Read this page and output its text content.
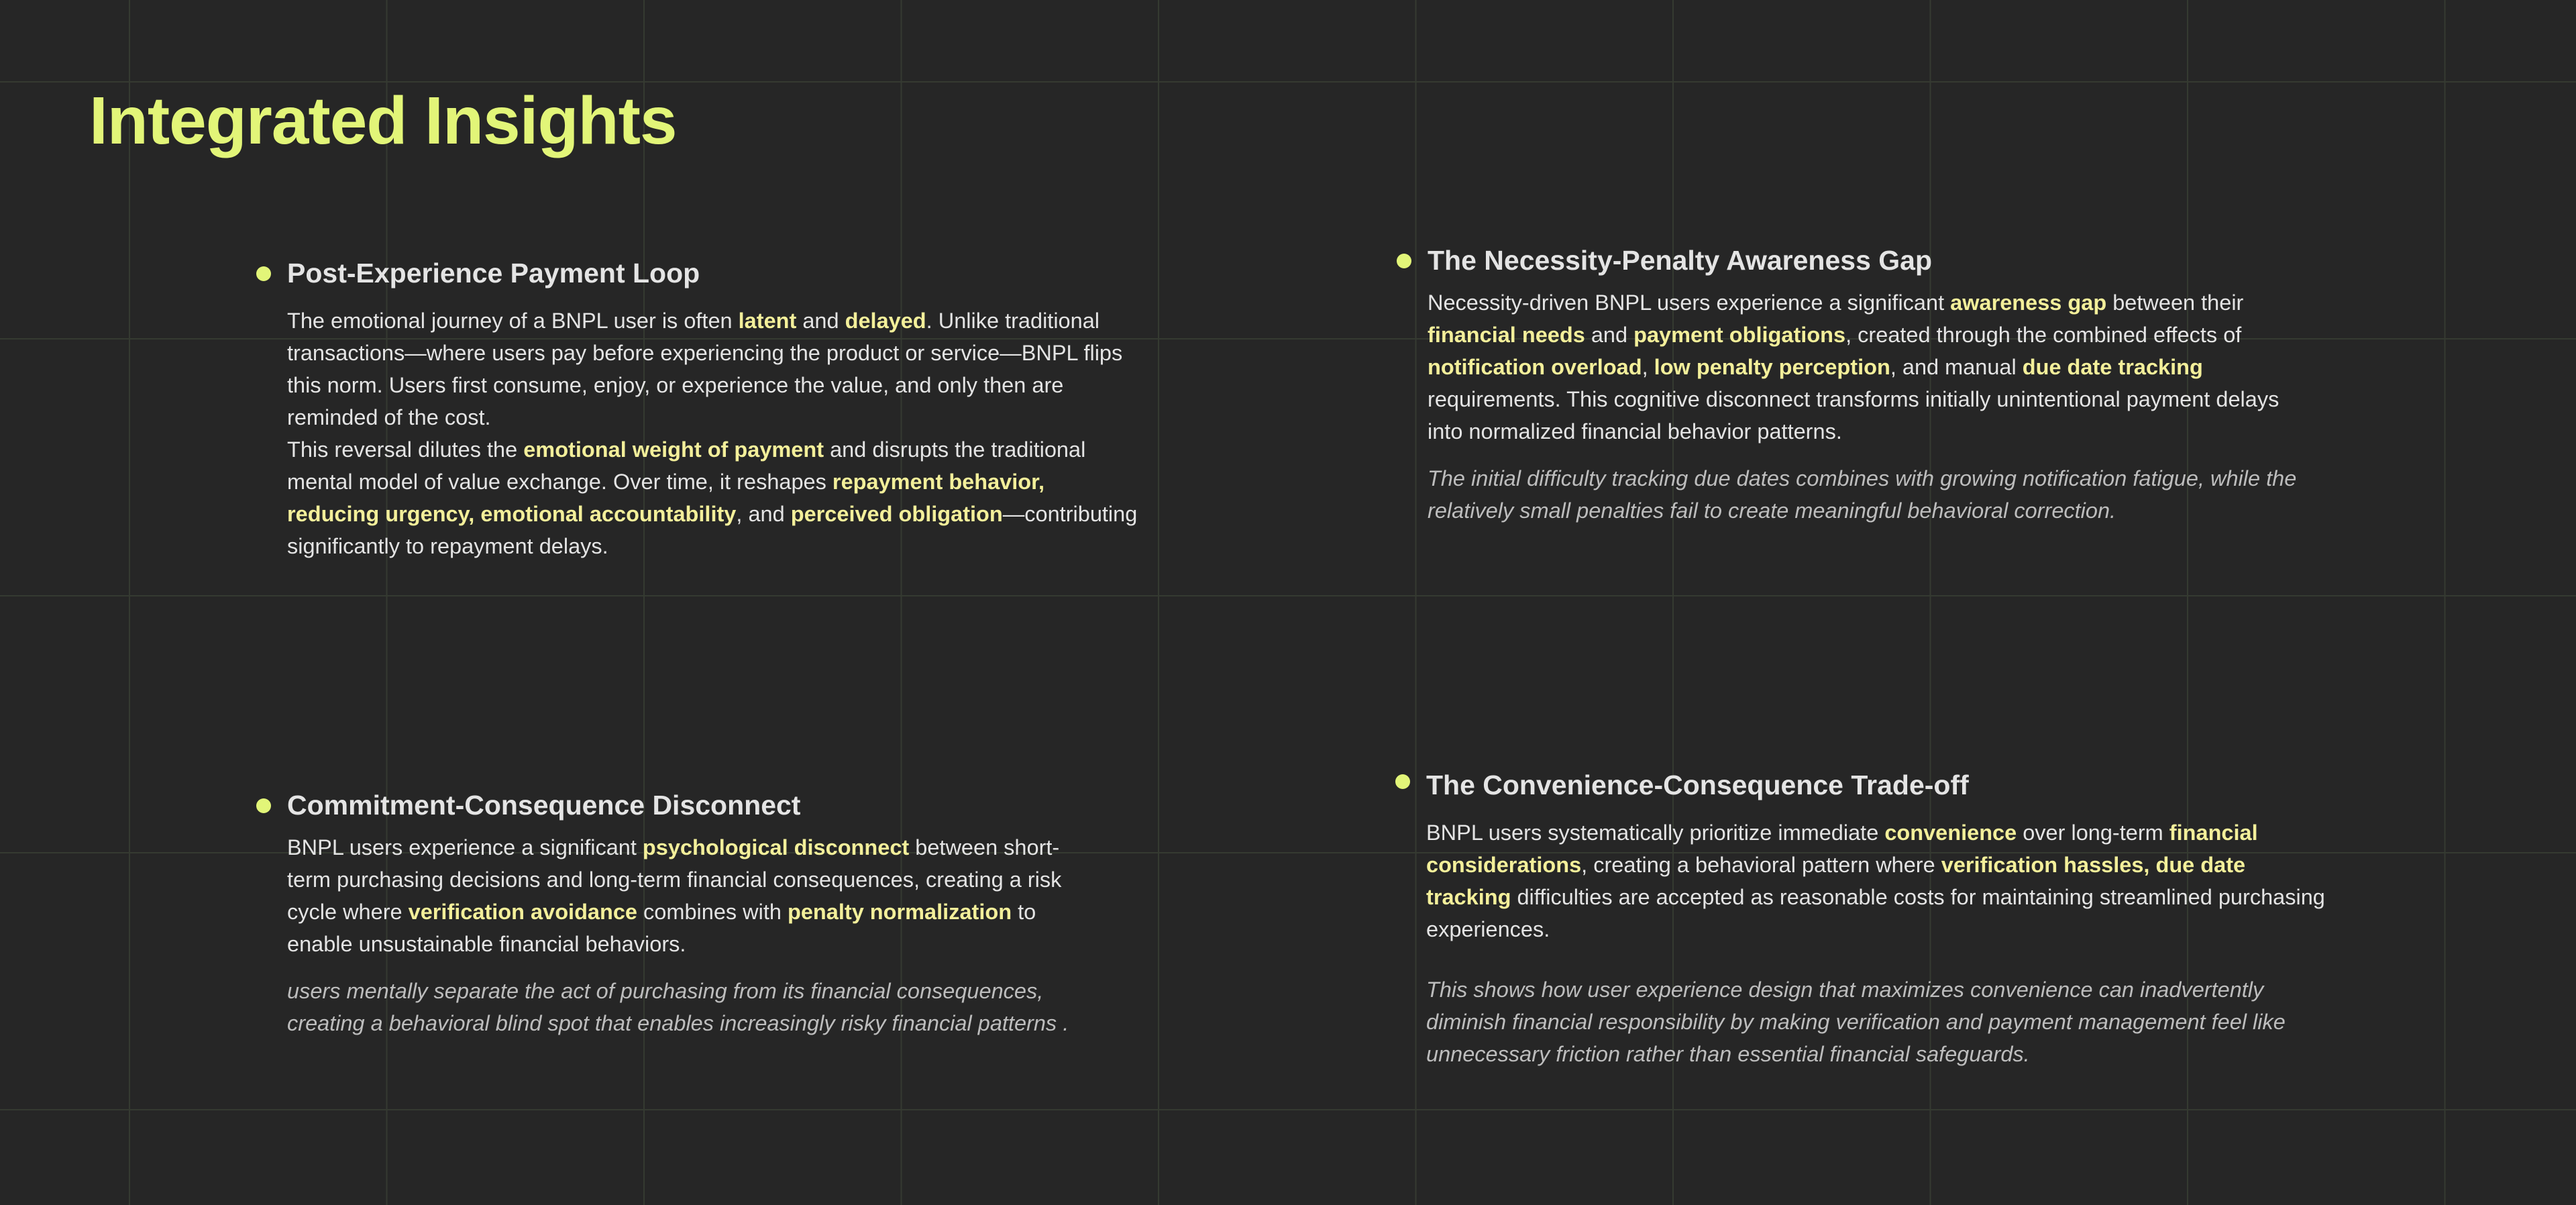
Integrated Insights
Post-Experience Payment Loop

The emotional journey of a BNPL user is often latent and delayed. Unlike traditional transactions—where users pay before experiencing the product or service—BNPL flips this norm. Users first consume, enjoy, or experience the value, and only then are reminded of the cost.

This reversal dilutes the emotional weight of payment and disrupts the traditional mental model of value exchange. Over time, it reshapes repayment behavior, reducing urgency, emotional accountability, and perceived obligation—contributing significantly to repayment delays.

The Necessity-Penalty Awareness Gap

Necessity-driven BNPL users experience a significant awareness gap between their financial needs and payment obligations, created through the combined effects of notification overload, low penalty perception, and manual due date tracking requirements. This cognitive disconnect transforms initially unintentional payment delays into normalized financial behavior patterns.

The initial difficulty tracking due dates combines with growing notification fatigue, while the relatively small penalties fail to create meaningful behavioral correction.

Commitment-Consequence Disconnect

BNPL users experience a significant psychological disconnect between short-term purchasing decisions and long-term financial consequences, creating a risk cycle where verification avoidance combines with penalty normalization to enable unsustainable financial behaviors.

users mentally separate the act of purchasing from its financial consequences, creating a behavioral blind spot that enables increasingly risky financial patterns .

The Convenience-Consequence Trade-off

BNPL users systematically prioritize immediate convenience over long-term financial considerations, creating a behavioral pattern where verification hassles, due date tracking difficulties are accepted as reasonable costs for maintaining streamlined purchasing experiences.

This shows how user experience design that maximizes convenience can inadvertently diminish financial responsibility by making verification and payment management feel like unnecessary friction rather than essential financial safeguards.
